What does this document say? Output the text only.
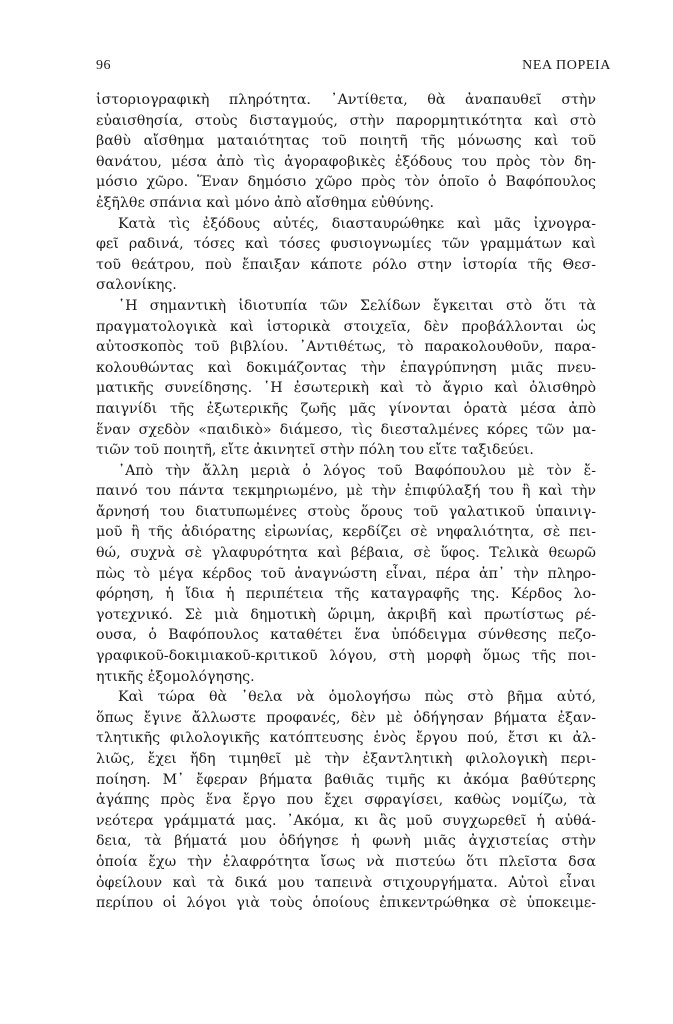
96	ΝΕΑ ΠΟΡΕΙΑ
ἱστοριογραφικὴ πληρότητα. ᾿Αντίθετα, θὰ ἀναπαυθεῖ στὴν
εὐαισθησία, στοὺς δισταγμούς, στὴν παρορμητικότητα καὶ στὸ
βαθὺ αἴσθημα ματαιότητας τοῦ ποιητῆ τῆς μόνωσης καὶ τοῦ
θανάτου, μέσα ἀπὸ τὶς ἀγοραφοβικὲς ἐξόδους του πρὸς τὸν δη-
μόσιο χῶρο. Ἕναν δημόσιο χῶρο πρὸς τὸν ὁποῖο ὁ Βαφόπουλος
ἐξῆλθε σπάνια καὶ μόνο ἀπὸ αἴσθημα εὐθύνης.
Κατὰ τὶς ἐξόδους αὐτές, διασταυρώθηκε καὶ μᾶς ἰχνογρα-
φεῖ ραδινά, τόσες καὶ τόσες φυσιογνωμίες τῶν γραμμάτων καὶ
τοῦ θεάτρου, ποὺ ἔπαιξαν κάποτε ρόλο στην ἱστορία τῆς Θεσ-
σαλονίκης.
῾Η σημαντικὴ ἰδιοτυπία τῶν Σελίδων ἔγκειται στὸ ὅτι τὰ
πραγματολογικὰ καὶ ἱστορικὰ στοιχεῖα, δὲν προβάλλονται ὡς
αὐτοσκοπὸς τοῦ βιβλίου. ᾿Αντιθέτως, τὸ παρακολουθοῦν, παρα-
κολουθώντας καὶ δοκιμάζοντας τὴν ἐπαγρύπνηση μιᾶς πνευ-
ματικῆς συνείδησης. ῾Η ἐσωτερικὴ καὶ τὸ ἄγριο καὶ ὀλισθηρὸ
παιγνίδι τῆς ἐξωτερικῆς ζωῆς μᾶς γίνονται ὁρατὰ μέσα ἀπὸ
ἕναν σχεδὸν «παιδικὸ» διάμεσο, τὶς διεσταλμένες κόρες τῶν μα-
τιῶν τοῦ ποιητῆ, εἴτε ἀκινητεῖ στὴν πόλη του εἴτε ταξιδεύει.
᾿Απὸ τὴν ἄλλη μεριὰ ὁ λόγος τοῦ Βαφόπουλου μὲ τὸν ἔ-
παινό του πάντα τεκμηριωμένο, μὲ τὴν ἐπιφύλαξή του ἢ καὶ τὴν
ἄρνησή του διατυπωμένες στοὺς ὅρους τοῦ γαλατικοῦ ὑπαινιγ-
μοῦ ἢ τῆς ἀδιόρατης εἰρωνίας, κερδίζει σὲ νηφαλιότητα, σὲ πει-
θώ, συχνὰ σὲ γλαφυρότητα καὶ βέβαια, σὲ ὕφος. Τελικὰ θεωρῶ
πὼς τὸ μέγα κέρδος τοῦ ἀναγνώστη εἶναι, πέρα ἀπ᾿ τὴν πληρο-
φόρηση, ἡ ἴδια ἡ περιπέτεια τῆς καταγραφῆς της. Κέρδος λο-
γοτεχνικό. Σὲ μιὰ δημοτικὴ ὥριμη, ἀκριβῆ καὶ πρωτίστως ρέ-
ουσα, ὁ Βαφόπουλος καταθέτει ἕνα ὑπόδειγμα σύνθεσης πεζο-
γραφικοῦ-δοκιμιακοῦ-κριτικοῦ λόγου, στὴ μορφὴ ὅμως τῆς ποι-
ητικῆς ἐξομολόγησης.
Καὶ τώρα θὰ ᾿θελα νὰ ὁμολογήσω πὼς στὸ βῆμα αὐτό,
ὅπως ἔγινε ἄλλωστε προφανές, δὲν μὲ ὁδήγησαν βήματα ἐξαν-
τλητικῆς φιλολογικῆς κατόπτευσης ἑνὸς ἔργου πού, ἔτσι κι ἀλ-
λιῶς, ἔχει ἤδη τιμηθεῖ μὲ τὴν ἐξαντλητικὴ φιλολογικὴ περι-
ποίηση. Μ᾿ ἔφεραν βήματα βαθιᾶς τιμῆς κι ἀκόμα βαθύτερης
ἀγάπης πρὸς ἕνα ἔργο που ἔχει σφραγίσει, καθὼς νομίζω, τὰ
νεότερα γράμματά μας. ᾿Ακόμα, κι ἂς μοῦ συγχωρεθεῖ ἡ αὐθά-
δεια, τὰ βήματά μου ὁδήγησε ἡ φωνὴ μιᾶς ἀγχιστείας στὴν
ὁποία ἔχω τὴν ἐλαφρότητα ἴσως νὰ πιστεύω ὅτι πλεῖστα δσα
ὀφείλουν καὶ τὰ δικά μου ταπεινὰ στιχουργήματα. Αὐτοὶ εἶναι
περίπου οἱ λόγοι γιὰ τοὺς ὁποίους ἐπικεντρώθηκα σὲ ὑποκειμε-
